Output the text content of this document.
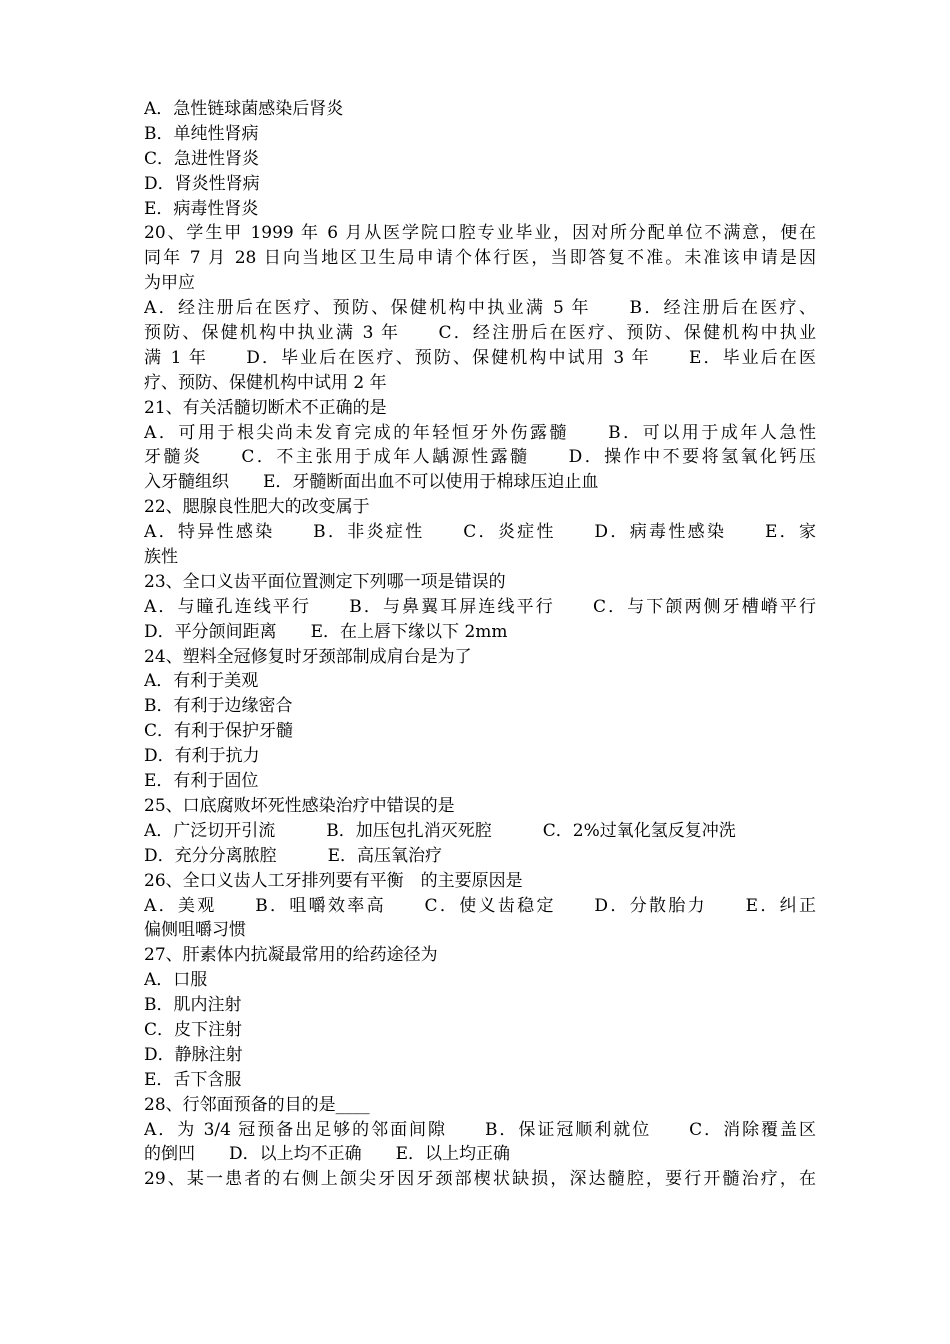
A．急性链球菌感染后肾炎
B．单纯性肾病
C．急进性肾炎
D．肾炎性肾病
E．病毒性肾炎
20、学生甲 1999 年 6 月从医学院口腔专业毕业，因对所分配单位不满意，便在
同年 7 月 28 日向当地区卫生局申请个体行医，当即答复不准。未准该申请是因
为甲应
A．经注册后在医疗、预防、保健机构中执业满 5 年　　B．经注册后在医疗、
预防、保健机构中执业满 3 年　　C．经注册后在医疗、预防、保健机构中执业
满 1 年　　D．毕业后在医疗、预防、保健机构中试用 3 年　　E．毕业后在医
疗、预防、保健机构中试用 2 年
21、有关活髓切断术不正确的是
A．可用于根尖尚未发育完成的年轻恒牙外伤露髓　　B．可以用于成年人急性
牙髓炎　　C．不主张用于成年人龋源性露髓　　D．操作中不要将氢氧化钙压
入牙髓组织　　E．牙髓断面出血不可以使用于棉球压迫止血
22、腮腺良性肥大的改变属于
A．特异性感染　　B．非炎症性　　C．炎症性　　D．病毒性感染　　E．家
族性
23、全口义齿平面位置测定下列哪一项是错误的
A．与瞳孔连线平行　　B．与鼻翼耳屏连线平行　　C．与下颌两侧牙槽嵴平行
D．平分颌间距离　　E．在上唇下缘以下 2mm
24、塑料全冠修复时牙颈部制成肩台是为了
A．有利于美观
B．有利于边缘密合
C．有利于保护牙髓
D．有利于抗力
E．有利于固位
25、口底腐败坏死性感染治疗中错误的是
A．广泛切开引流　　　B．加压包扎消灭死腔　　　C．2%过氧化氢反复冲洗
D．充分分离脓腔　　　E．高压氧治疗
26、全口义齿人工牙排列要有平衡　的主要原因是
A．美观　　B．咀嚼效率高　　C．使义齿稳定　　D．分散胎力　　E．纠正
偏侧咀嚼习惯
27、肝素体内抗凝最常用的给药途径为
A．口服
B．肌内注射
C．皮下注射
D．静脉注射
E．舌下含服
28、行邻面预备的目的是____
A．为 3/4 冠预备出足够的邻面间隙　　B．保证冠顺利就位　　C．消除覆盖区
的倒凹　　D．以上均不正确　　E．以上均正确
29、某一患者的右侧上颌尖牙因牙颈部楔状缺损，深达髓腔，要行开髓治疗，在
